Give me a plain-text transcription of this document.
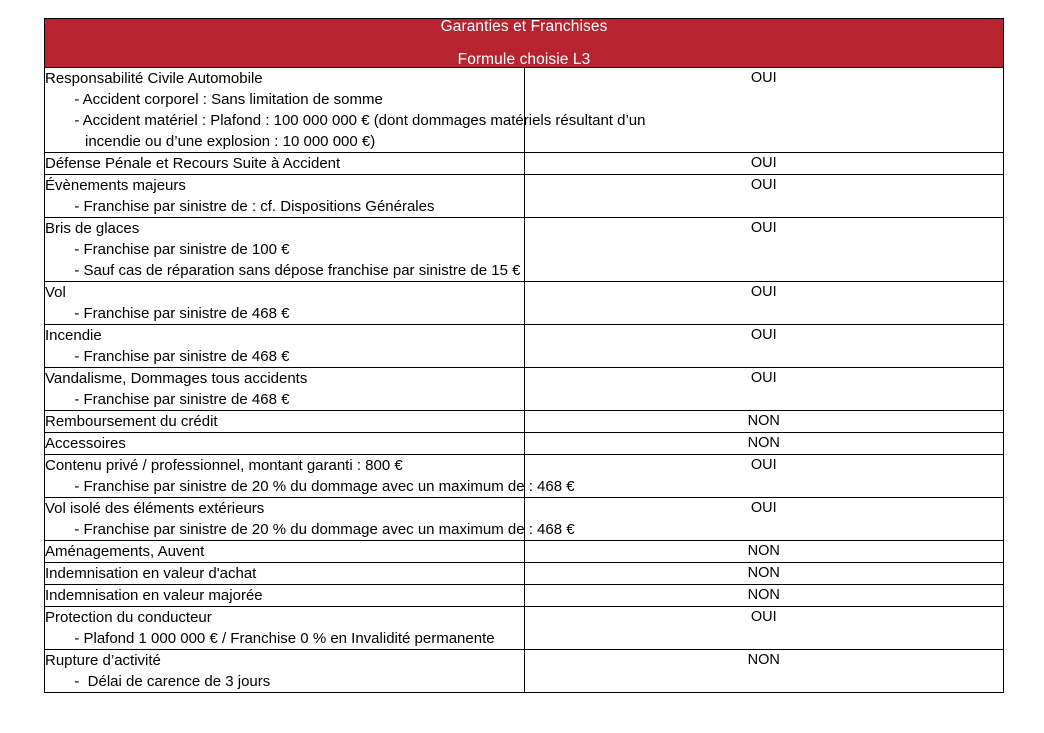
Garanties et Franchises
Formule choisie L3	

Responsabilité Civile Automobile
- Accident corporel : Sans limitation de somme
- Accident matériel : Plafond : 100 000 000 € (dont dommages matériels résultant d’un
incendie ou d’une explosion : 10 000 000 €)	OUI

Défense Pénale et Recours Suite à Accident	OUI

Évènements majeurs
- Franchise par sinistre de : cf. Dispositions Générales	OUI

Bris de glaces
- Franchise par sinistre de 100 €
- Sauf cas de réparation sans dépose franchise par sinistre de 15 €	OUI

Vol
- Franchise par sinistre de 468 €	OUI

Incendie
- Franchise par sinistre de 468 €	OUI

Vandalisme, Dommages tous accidents
- Franchise par sinistre de 468 €	OUI

Remboursement du crédit	NON

Accessoires	NON

Contenu privé / professionnel, montant garanti : 800 €
- Franchise par sinistre de 20 % du dommage avec un maximum de : 468 €	OUI

Vol isolé des éléments extérieurs
- Franchise par sinistre de 20 % du dommage avec un maximum de : 468 €	OUI

Aménagements, Auvent	NON

Indemnisation en valeur d'achat	NON

Indemnisation en valeur majorée	NON

Protection du conducteur
- Plafond 1 000 000 € / Franchise 0 % en Invalidité permanente	OUI

Rupture d’activité
-  Délai de carence de 3 jours	NON
